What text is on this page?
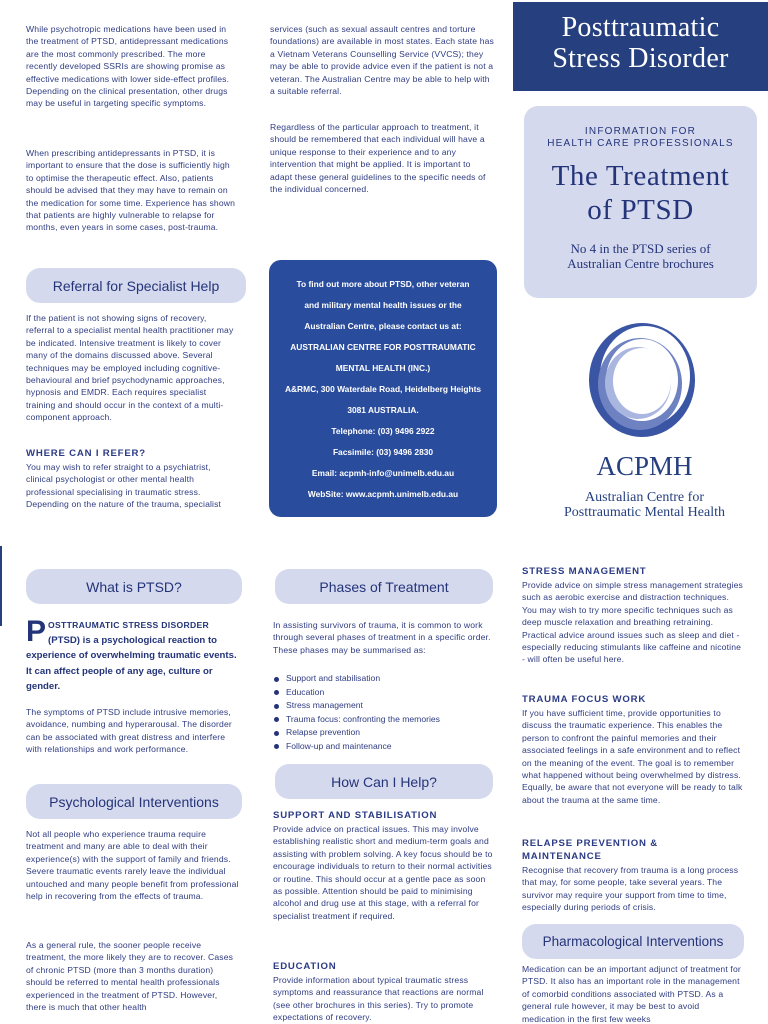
While psychotropic medications have been used in the treatment of PTSD, antidepressant medications are the most commonly prescribed. The more recently developed SSRIs are showing promise as effective medications with lower side-effect profiles. Depending on the clinical presentation, other drugs may be useful in targeting specific symptoms.
When prescribing antidepressants in PTSD, it is important to ensure that the dose is sufficiently high to optimise the therapeutic effect. Also, patients should be advised that they may have to remain on the medication for some time. Experience has shown that patients are highly vulnerable to relapse for months, even years in some cases, post-trauma.
Referral for Specialist Help
If the patient is not showing signs of recovery, referral to a specialist mental health practitioner may be indicated. Intensive treatment is likely to cover many of the domains discussed above. Several techniques may be employed including cognitive-behavioural and brief psychodynamic approaches, hypnosis and EMDR. Each requires specialist training and should occur in the context of a multi-component approach.
WHERE CAN I REFER?
You may wish to refer straight to a psychiatrist, clinical psychologist or other mental health professional specialising in traumatic stress. Depending on the nature of the trauma, specialist
services (such as sexual assault centres and torture foundations) are available in most states. Each state has a Vietnam Veterans Counselling Service (VVCS); they may be able to provide advice even if the patient is not a veteran. The Australian Centre may be able to help with a suitable referral.
Regardless of the particular approach to treatment, it should be remembered that each individual will have a unique response to their experience and to any intervention that might be applied. It is important to adapt these general guidelines to the specific needs of the individual concerned.
To find out more about PTSD, other veteran
and military mental health issues or the
Australian Centre, please contact us at:
AUSTRALIAN CENTRE FOR POSTTRAUMATIC
MENTAL HEALTH (INC.)
A&RMC, 300 Waterdale Road, Heidelberg Heights
3081 AUSTRALIA.
Telephone: (03) 9496 2922
Facsimile: (03) 9496 2830
Email: acpmh-info@unimelb.edu.au
WebSite: www.acpmh.unimelb.edu.au
Posttraumatic
Stress Disorder
INFORMATION FOR
HEALTH CARE PROFESSIONALS
The Treatment
of PTSD
No 4 in the PTSD series of
Australian Centre brochures
ACPMH
Australian Centre for
Posttraumatic Mental Health
What is PTSD?
P OSTTRAUMATIC STRESS DISORDER
(PTSD) is a psychological reaction to experience of overwhelming traumatic events. It can affect people of any age, culture or gender.
The symptoms of PTSD include intrusive memories, avoidance, numbing and hyperarousal. The disorder can be associated with great distress and interfere with relationships and work performance.
Psychological Interventions
Not all people who experience trauma require treatment and many are able to deal with their experience(s) with the support of family and friends. Severe traumatic events rarely leave the individual untouched and many people benefit from professional help in recovering from the effects of trauma.
As a general rule, the sooner people receive treatment, the more likely they are to recover. Cases of chronic PTSD (more than 3 months duration) should be referred to mental health professionals experienced in the treatment of PTSD. However, there is much that other health
Phases of Treatment
In assisting survivors of trauma, it is common to work through several phases of treatment in a specific order. These phases may be summarised as:
Support and stabilisation
Education
Stress management
Trauma focus: confronting the memories
Relapse prevention
Follow-up and maintenance
How Can I Help?
SUPPORT AND STABILISATION
Provide advice on practical issues. This may involve establishing realistic short and medium-term goals and assisting with problem solving. A key focus should be to encourage individuals to return to their normal activities or routine. This should occur at a gentle pace as soon as possible. Attention should be paid to minimising alcohol and drug use at this stage, with a referral for specialist treatment if required.
EDUCATION
Provide information about typical traumatic stress symptoms and reassurance that reactions are normal (see other brochures in this series). Try to promote expectations of recovery.
STRESS MANAGEMENT
Provide advice on simple stress management strategies such as aerobic exercise and distraction techniques. You may wish to try more specific techniques such as deep muscle relaxation and breathing retraining. Practical advice around issues such as sleep and diet - especially reducing stimulants like caffeine and nicotine - will often be useful here.
TRAUMA FOCUS WORK
If you have sufficient time, provide opportunities to discuss the traumatic experience. This enables the person to confront the painful memories and their associated feelings in a safe environment and to reflect on the meaning of the event. The goal is to remember what happened without being overwhelmed by distress. Equally, be aware that not everyone will be ready to talk about the trauma at the same time.
RELAPSE PREVENTION &
MAINTENANCE
Recognise that recovery from trauma is a long process that may, for some people, take several years. The survivor may require your support from time to time, especially during periods of crisis.
Pharmacological Interventions
Medication can be an important adjunct of treatment for PTSD. It also has an important role in the management of comorbid conditions associated with PTSD. As a general rule however, it may be best to avoid medication in the first few weeks
